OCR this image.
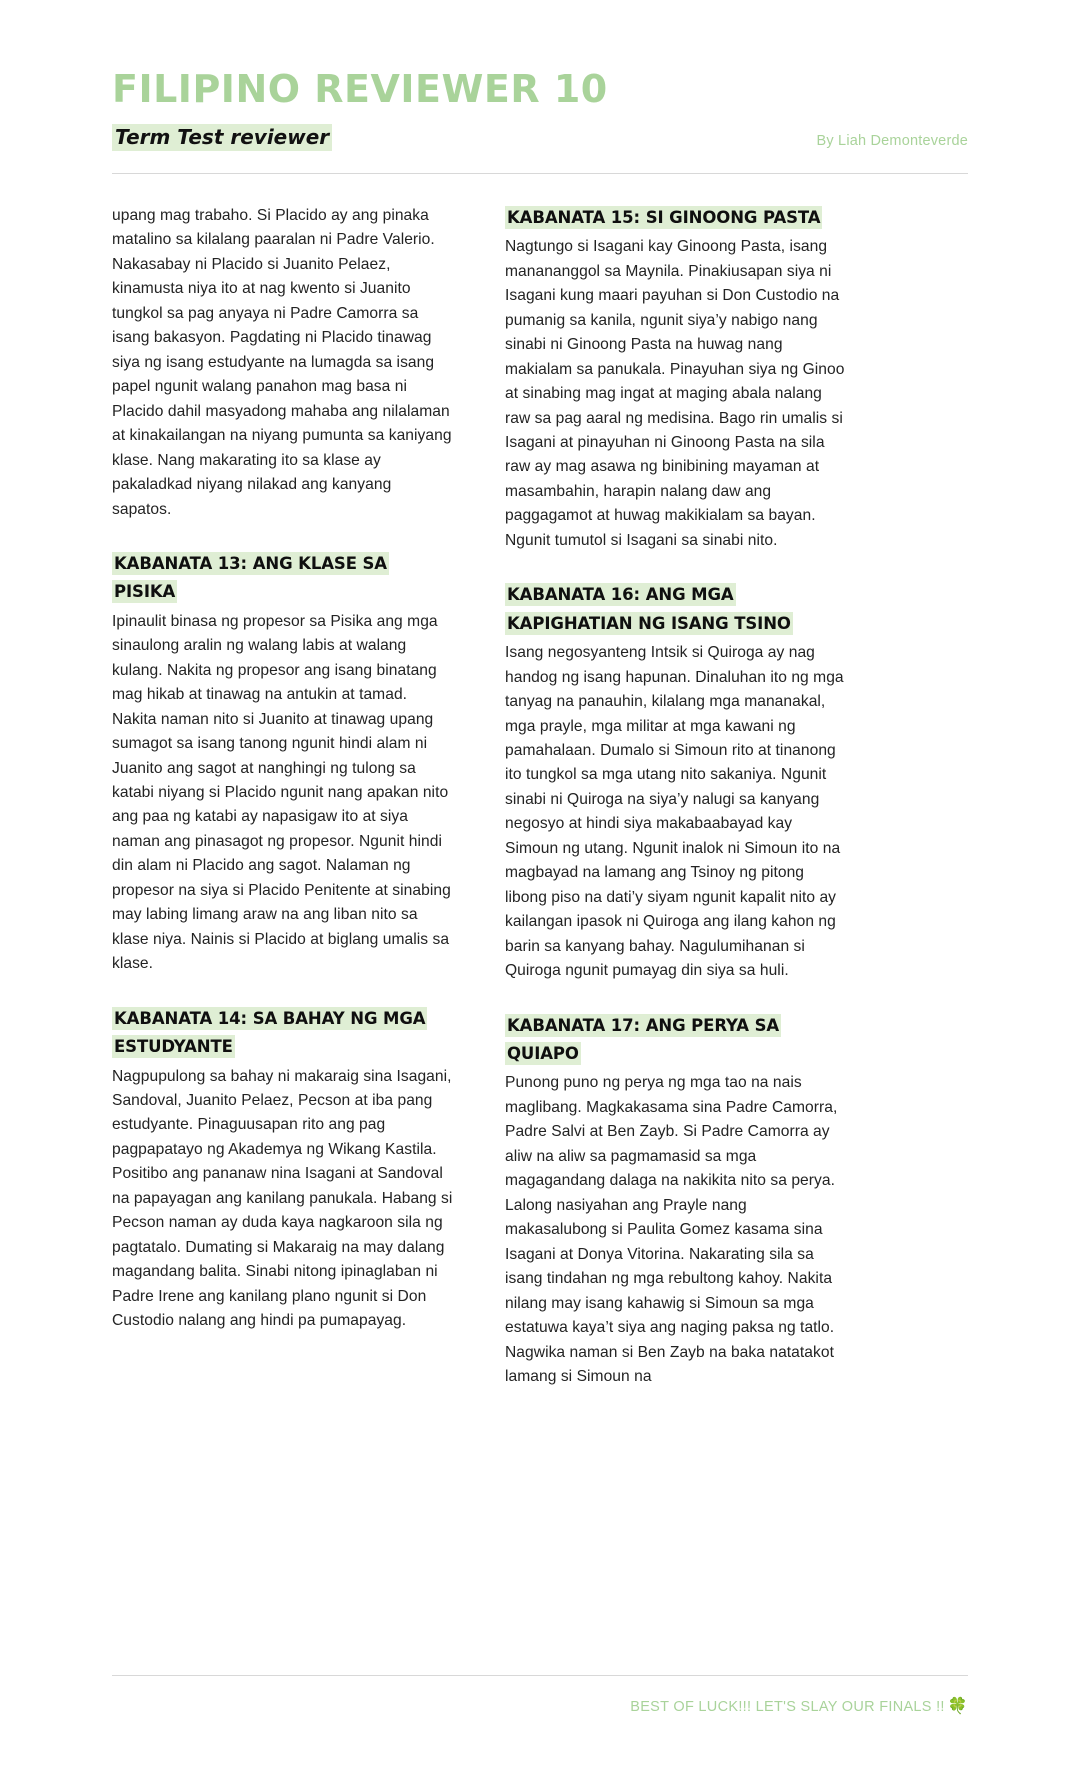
FILIPINO REVIEWER 10
Term Test reviewer	By Liah Demonteverde

upang mag trabaho. Si Placido ay ang pinaka matalino sa kilalang paaralan ni Padre Valerio. Nakasabay ni Placido si Juanito Pelaez, kinamusta niya ito at nag kwento si Juanito tungkol sa pag anyaya ni Padre Camorra sa isang bakasyon. Pagdating ni Placido tinawag siya ng isang estudyante na lumagda sa isang papel ngunit walang panahon mag basa ni Placido dahil masyadong mahaba ang nilalaman at kinakailangan na niyang pumunta sa kaniyang klase. Nang makarating ito sa klase ay pakaladkad niyang nilakad ang kanyang sapatos.

KABANATA 13: ANG KLASE SA PISIKA

Ipinaulit binasa ng propesor sa Pisika ang mga sinaulong aralin ng walang labis at walang kulang. Nakita ng propesor ang isang binatang mag hikab at tinawag na antukin at tamad. Nakita naman nito si Juanito at tinawag upang sumagot sa isang tanong ngunit hindi alam ni Juanito ang sagot at nanghingi ng tulong sa katabi niyang si Placido ngunit nang apakan nito ang paa ng katabi ay napasigaw ito at siya naman ang pinasagot ng propesor. Ngunit hindi din alam ni Placido ang sagot. Nalaman ng propesor na siya si Placido Penitente at sinabing may labing limang araw na ang liban nito sa klase niya. Nainis si Placido at biglang umalis sa klase.

KABANATA 14: SA BAHAY NG MGA ESTUDYANTE

Nagpupulong sa bahay ni makaraig sina Isagani, Sandoval, Juanito Pelaez, Pecson at iba pang estudyante. Pinaguusapan rito ang pag pagpapatayo ng Akademya ng Wikang Kastila. Positibo ang pananaw nina Isagani at Sandoval na papayagan ang kanilang panukala. Habang si Pecson naman ay duda kaya nagkaroon sila ng pagtatalo. Dumating si Makaraig na may dalang magandang balita. Sinabi nitong ipinaglaban ni Padre Irene ang kanilang plano ngunit si Don Custodio nalang ang hindi pa pumapayag.

KABANATA 15: SI GINOONG PASTA

Nagtungo si Isagani kay Ginoong Pasta, isang manananggol sa Maynila. Pinakiusapan siya ni Isagani kung maari payuhan si Don Custodio na pumanig sa kanila, ngunit siya’y nabigo nang sinabi ni Ginoong Pasta na huwag nang makialam sa panukala. Pinayuhan siya ng Ginoo at sinabing mag ingat at maging abala nalang raw sa pag aaral ng medisina. Bago rin umalis si Isagani at pinayuhan ni Ginoong Pasta na sila raw ay mag asawa ng binibining mayaman at masambahin, harapin nalang daw ang paggagamot at huwag makikialam sa bayan. Ngunit tumutol si Isagani sa sinabi nito.

KABANATA 16: ANG MGA KAPIGHATIAN NG ISANG TSINO

Isang negosyanteng Intsik si Quiroga ay nag handog ng isang hapunan. Dinaluhan ito ng mga tanyag na panauhin, kilalang mga mananakal, mga prayle, mga militar at mga kawani ng pamahalaan. Dumalo si Simoun rito at tinanong ito tungkol sa mga utang nito sakaniya. Ngunit sinabi ni Quiroga na siya’y nalugi sa kanyang negosyo at hindi siya makabaabayad kay Simoun ng utang. Ngunit inalok ni Simoun ito na magbayad na lamang ang Tsinoy ng pitong libong piso na dati’y siyam ngunit kapalit nito ay kailangan ipasok ni Quiroga ang ilang kahon ng barin sa kanyang bahay. Nagulumihanan si Quiroga ngunit pumayag din siya sa huli.

KABANATA 17: ANG PERYA SA QUIAPO

Punong puno ng perya ng mga tao na nais maglibang. Magkakasama sina Padre Camorra, Padre Salvi at Ben Zayb. Si Padre Camorra ay aliw na aliw sa pagmamasid sa mga magagandang dalaga na nakikita nito sa perya. Lalong nasiyahan ang Prayle nang makasalubong si Paulita Gomez kasama sina Isagani at Donya Vitorina. Nakarating sila sa isang tindahan ng mga rebultong kahoy. Nakita nilang may isang kahawig si Simoun sa mga estatuwa kaya’t siya ang naging paksa ng tatlo. Nagwika naman si Ben Zayb na baka natatakot lamang si Simoun na

BEST OF LUCK!!! LET'S SLAY OUR FINALS !! 🍀
